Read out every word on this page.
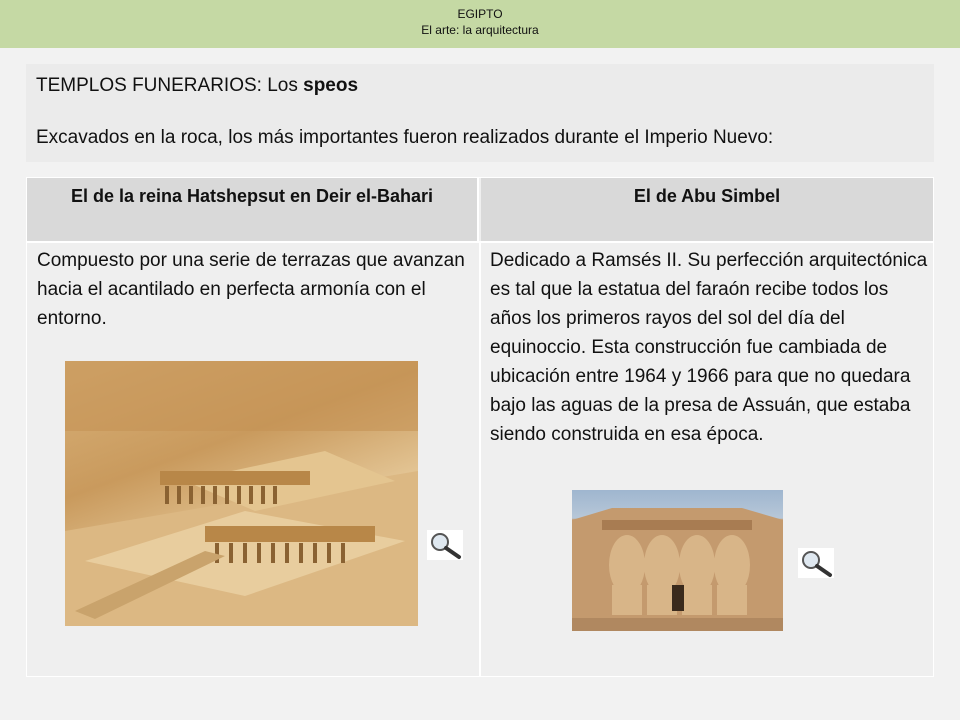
EGIPTO
El arte: la arquitectura
TEMPLOS FUNERARIOS: Los speos
Excavados en la roca, los más importantes fueron realizados durante el Imperio Nuevo:
El de la reina Hatshepsut en Deir el-Bahari	El de Abu Simbel
Compuesto por una serie de terrazas que avanzan hacia el acantilado en perfecta armonía con el entorno.
Dedicado a Ramsés II. Su perfección arquitectónica es tal que la estatua del faraón recibe todos los años los primeros rayos del sol del día del equinoccio. Esta construcción fue cambiada de ubicación entre 1964 y 1966 para que no quedara bajo las aguas de la presa de Assuán, que estaba siendo construida en esa época.
